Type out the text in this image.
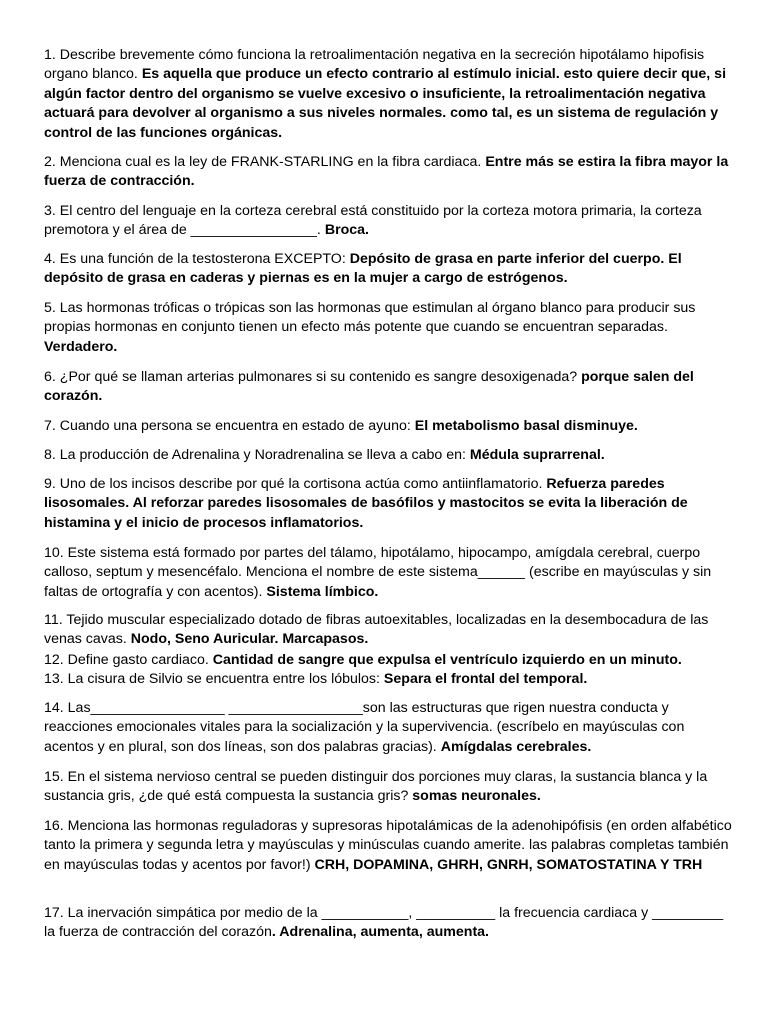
1. Describe brevemente cómo funciona la retroalimentación negativa en la secreción hipotálamo hipofisis organo blanco. Es aquella que produce un efecto contrario al estímulo inicial. esto quiere decir que, si algún factor dentro del organismo se vuelve excesivo o insuficiente, la retroalimentación negativa actuará para devolver al organismo a sus niveles normales. como tal, es un sistema de regulación y control de las funciones orgánicas.

2. Menciona cual es la ley de FRANK-STARLING en la fibra cardiaca. Entre más se estira la fibra mayor la fuerza de contracción.

3. El centro del lenguaje en la corteza cerebral está constituido por la corteza motora primaria, la corteza premotora y el área de ________________. Broca.

4. Es una función de la testosterona EXCEPTO: Depósito de grasa en parte inferior del cuerpo. El depósito de grasa en caderas y piernas es en la mujer a cargo de estrógenos.

5. Las hormonas tróficas o trópicas son las hormonas que estimulan al órgano blanco para producir sus propias hormonas en conjunto tienen un efecto más potente que cuando se encuentran separadas. Verdadero.

6. ¿Por qué se llaman arterias pulmonares si su contenido es sangre desoxigenada? porque salen del corazón.

7. Cuando una persona se encuentra en estado de ayuno: El metabolismo basal disminuye.

8. La producción de Adrenalina y Noradrenalina se lleva a cabo en: Médula suprarrenal.

9. Uno de los incisos describe por qué la cortisona actúa como antiinflamatorio. Refuerza paredes lisosomales. Al reforzar paredes lisosomales de basófilos y mastocitos se evita la liberación de histamina y el inicio de procesos inflamatorios.

10. Este sistema está formado por partes del tálamo, hipotálamo, hipocampo, amígdala cerebral, cuerpo calloso, septum y mesencéfalo. Menciona el nombre de este sistema______ (escribe en mayúsculas y sin faltas de ortografía y con acentos). Sistema límbico.

11. Tejido muscular especializado dotado de fibras autoexitables, localizadas en la desembocadura de las venas cavas. Nodo, Seno Auricular. Marcapasos.

12. Define gasto cardiaco. Cantidad de sangre que expulsa el ventrículo izquierdo en un minuto.

13. La cisura de Silvio se encuentra entre los lóbulos: Separa el frontal del temporal.

14. Las_________________ _________________son las estructuras que rigen nuestra conducta y reacciones emocionales vitales para la socialización y la supervivencia. (escríbelo en mayúsculas con acentos y en plural, son dos líneas, son dos palabras gracias). Amígdalas cerebrales.

15. En el sistema nervioso central se pueden distinguir dos porciones muy claras, la sustancia blanca y la sustancia gris, ¿de qué está compuesta la sustancia gris? somas neuronales.

16. Menciona las hormonas reguladoras y supresoras hipotalámicas de la adenohipófisis (en orden alfabético tanto la primera y segunda letra y mayúsculas y minúsculas cuando amerite. las palabras completas también en mayúsculas todas y acentos por favor!) CRH, DOPAMINA, GHRH, GNRH, SOMATOSTATINA Y TRH

17. La inervación simpática por medio de la ___________, __________ la frecuencia cardiaca y _________ la fuerza de contracción del corazón. Adrenalina, aumenta, aumenta.
